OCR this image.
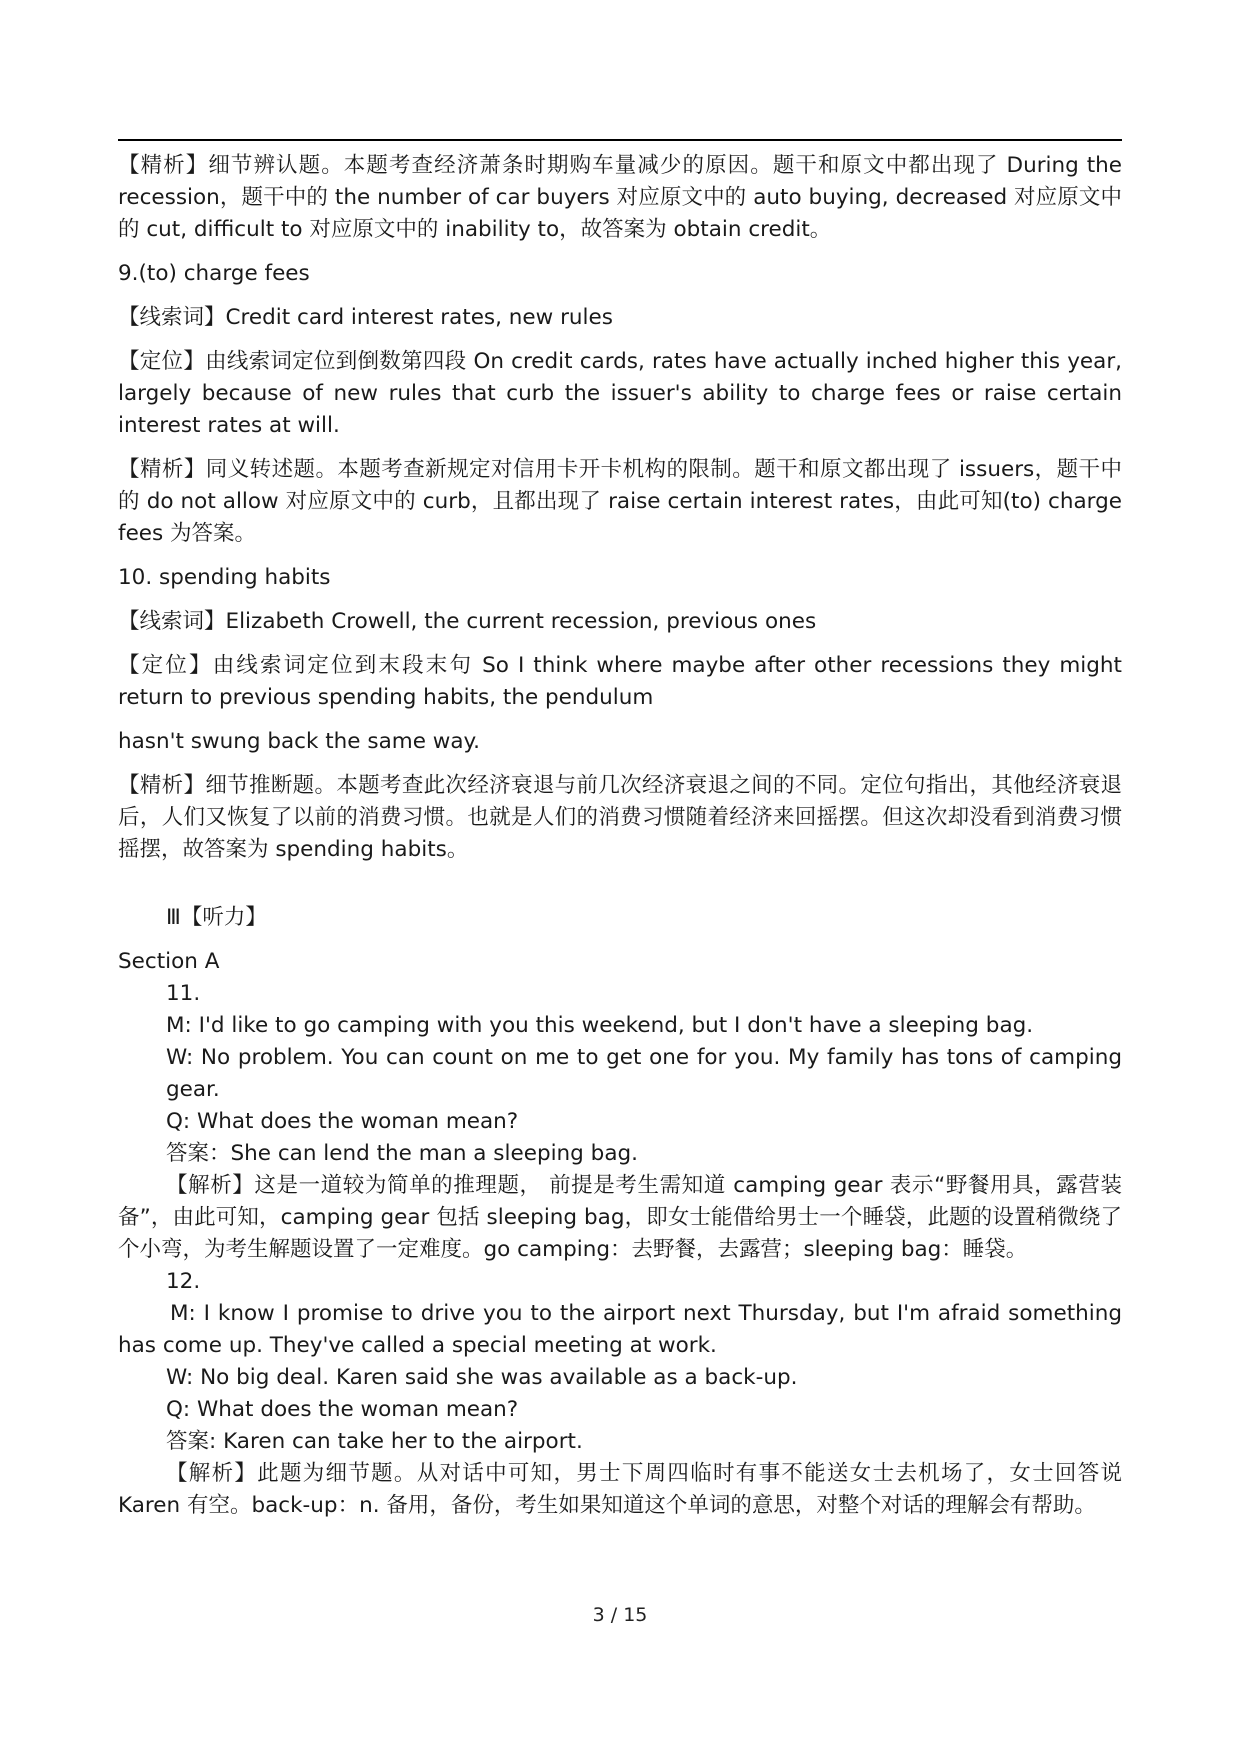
【精析】细节辨认题。本题考查经济萧条时期购车量减少的原因。题干和原文中都出现了 During the recession，题干中的 the number of car buyers 对应原文中的 auto buying, decreased 对应原文中的 cut, difficult to 对应原文中的 inability to，故答案为 obtain credit。

9.(to) charge fees

【线索词】Credit card interest rates, new rules

【定位】由线索词定位到倒数第四段 On credit cards, rates have actually inched higher this year, largely because of new rules that curb the issuer's ability to charge fees or raise certain interest rates at will.

【精析】同义转述题。本题考查新规定对信用卡开卡机构的限制。题干和原文都出现了 issuers，题干中的 do not allow 对应原文中的 curb，且都出现了 raise certain interest rates，由此可知(to) charge fees 为答案。

10. spending habits

【线索词】Elizabeth Crowell, the current recession, previous ones

【定位】由线索词定位到末段末句 So I think where maybe after other recessions they might return to previous spending habits, the pendulum

hasn't swung back the same way.

【精析】细节推断题。本题考查此次经济衰退与前几次经济衰退之间的不同。定位句指出，其他经济衰退后，人们又恢复了以前的消费习惯。也就是人们的消费习惯随着经济来回摇摆。但这次却没看到消费习惯摇摆，故答案为 spending habits。

Ⅲ【听力】

Section A

11.

M: I'd like to go camping with you this weekend, but I don't have a sleeping bag.

W: No problem. You can count on me to get one for you. My family has tons of camping gear.

Q: What does the woman mean?

答案：She can lend the man a sleeping bag.

【解析】这是一道较为简单的推理题， 前提是考生需知道 camping gear 表示“野餐用具，露营装备”，由此可知，camping gear 包括 sleeping bag，即女士能借给男士一个睡袋，此题的设置稍微绕了个小弯，为考生解题设置了一定难度。go camping：去野餐，去露营；sleeping bag：睡袋。

12.

M: I know I promise to drive you to the airport next Thursday, but I'm afraid something has come up. They've called a special meeting at work.

W: No big deal. Karen said she was available as a back-up.

Q: What does the woman mean?

答案: Karen can take her to the airport.

【解析】此题为细节题。从对话中可知，男士下周四临时有事不能送女士去机场了，女士回答说 Karen 有空。back-up：n. 备用，备份，考生如果知道这个单词的意思，对整个对话的理解会有帮助。

3 / 15
